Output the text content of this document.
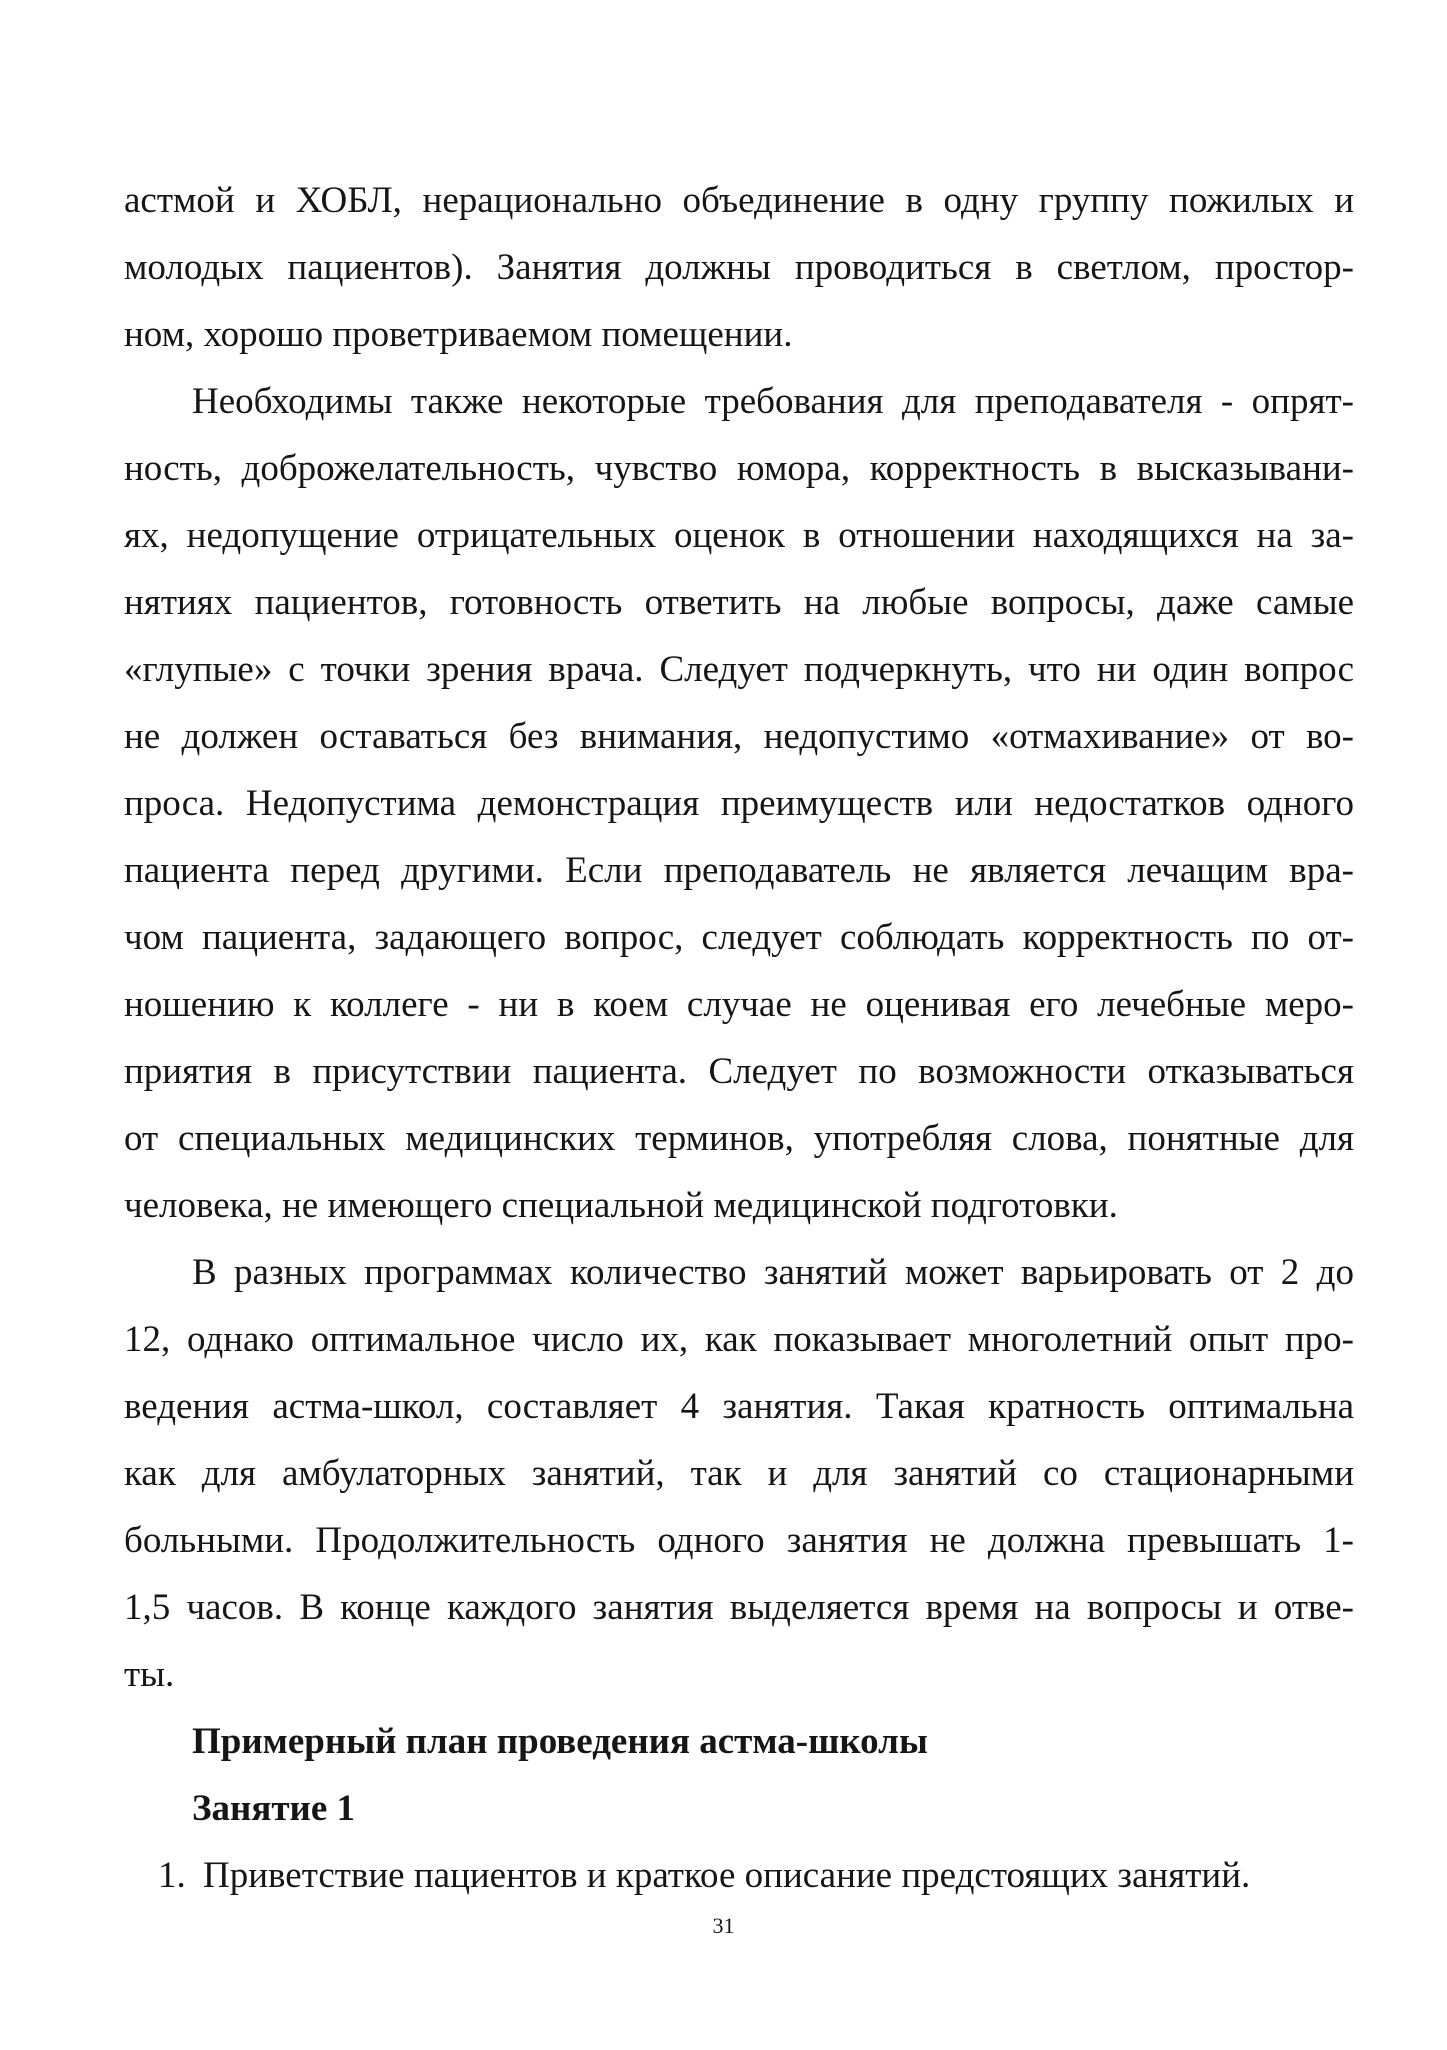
астмой и ХОБЛ, нерационально объединение в одну группу пожилых и
молодых пациентов). Занятия должны проводиться в светлом, простор-
ном, хорошо проветриваемом помещении.
Необходимы также некоторые требования для преподавателя - опрят-
ность, доброжелательность, чувство юмора, корректность в высказывани-
ях, недопущение отрицательных оценок в отношении находящихся на за-
нятиях пациентов, готовность ответить на любые вопросы, даже самые
«глупые» с точки зрения врача. Следует подчеркнуть, что ни один вопрос
не должен оставаться без внимания, недопустимо «отмахивание» от во-
проса. Недопустима демонстрация преимуществ или недостатков одного
пациента перед другими. Если преподаватель не является лечащим вра-
чом пациента, задающего вопрос, следует соблюдать корректность по от-
ношению к коллеге - ни в коем случае не оценивая его лечебные меро-
приятия в присутствии пациента. Следует по возможности отказываться
от специальных медицинских терминов, употребляя слова, понятные для
человека, не имеющего специальной медицинской подготовки.
В разных программах количество занятий может варьировать от 2 до
12, однако оптимальное число их, как показывает многолетний опыт про-
ведения астма-школ, составляет 4 занятия. Такая кратность оптимальна
как для амбулаторных занятий, так и для занятий со стационарными
больными. Продолжительность одного занятия не должна превышать 1-
1,5 часов. В конце каждого занятия выделяется время на вопросы и отве-
ты.
Примерный план проведения астма-школы
Занятие 1
1. Приветствие пациентов и краткое описание предстоящих занятий.
31
